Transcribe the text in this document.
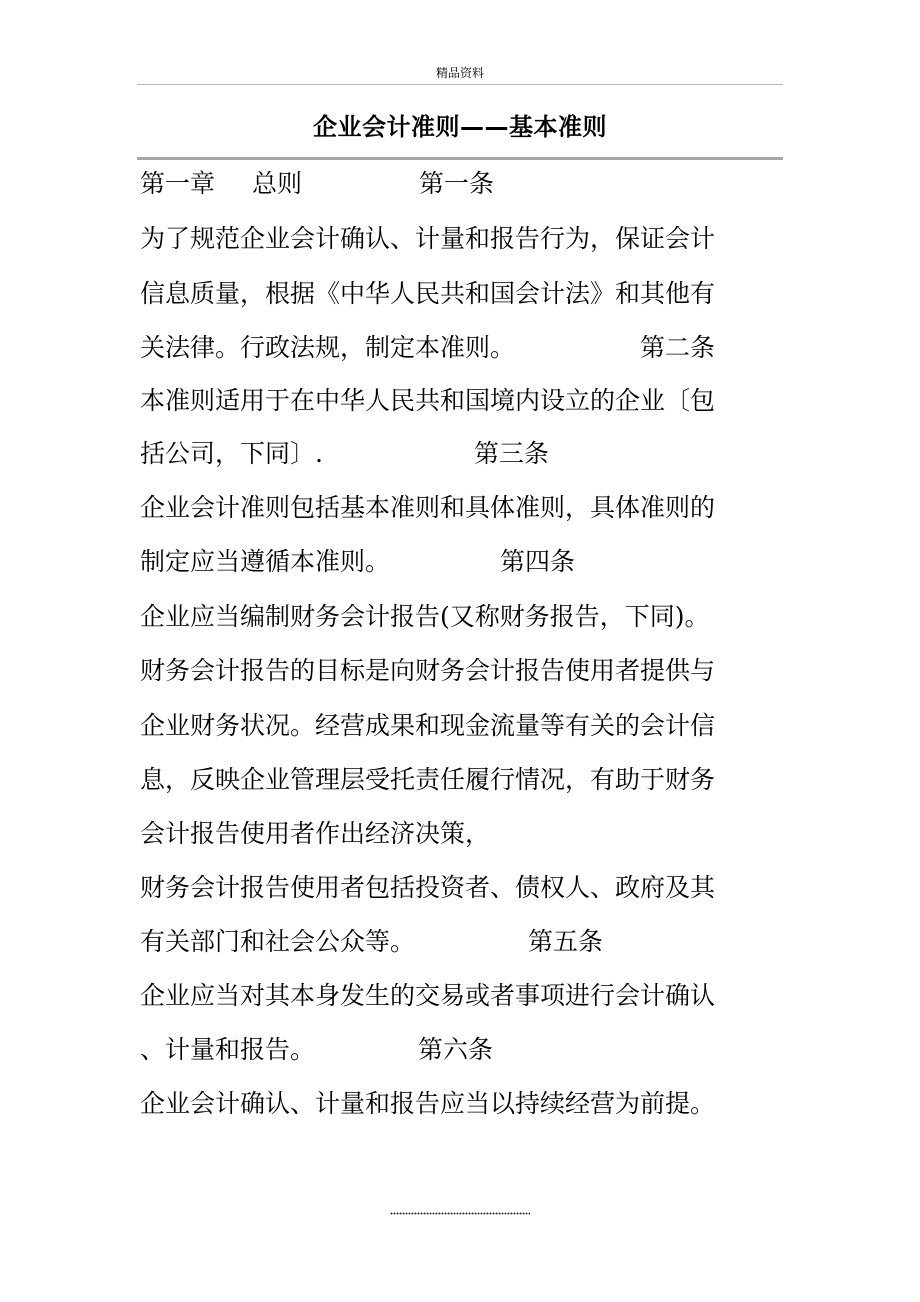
精品资料
企业会计准则——基本准则
第一章 总则	第一条
为了规范企业会计确认、计量和报告行为，保证会计
信息质量，根据《中华人民共和国会计法》和其他有
关法律。行政法规，制定本准则。	第二条
本准则适用于在中华人民共和国境内设立的企业〔包
括公司，下同〕.	第三条
企业会计准则包括基本准则和具体准则，具体准则的
制定应当遵循本准则。	第四条
企业应当编制财务会计报告(又称财务报告，下同)。
财务会计报告的目标是向财务会计报告使用者提供与
企业财务状况。经营成果和现金流量等有关的会计信
息，反映企业管理层受托责任履行情况，有助于财务
会计报告使用者作出经济决策，
财务会计报告使用者包括投资者、债权人、政府及其
有关部门和社会公众等。	第五条
企业应当对其本身发生的交易或者事项进行会计确认
、计量和报告。	第六条
企业会计确认、计量和报告应当以持续经营为前提。
